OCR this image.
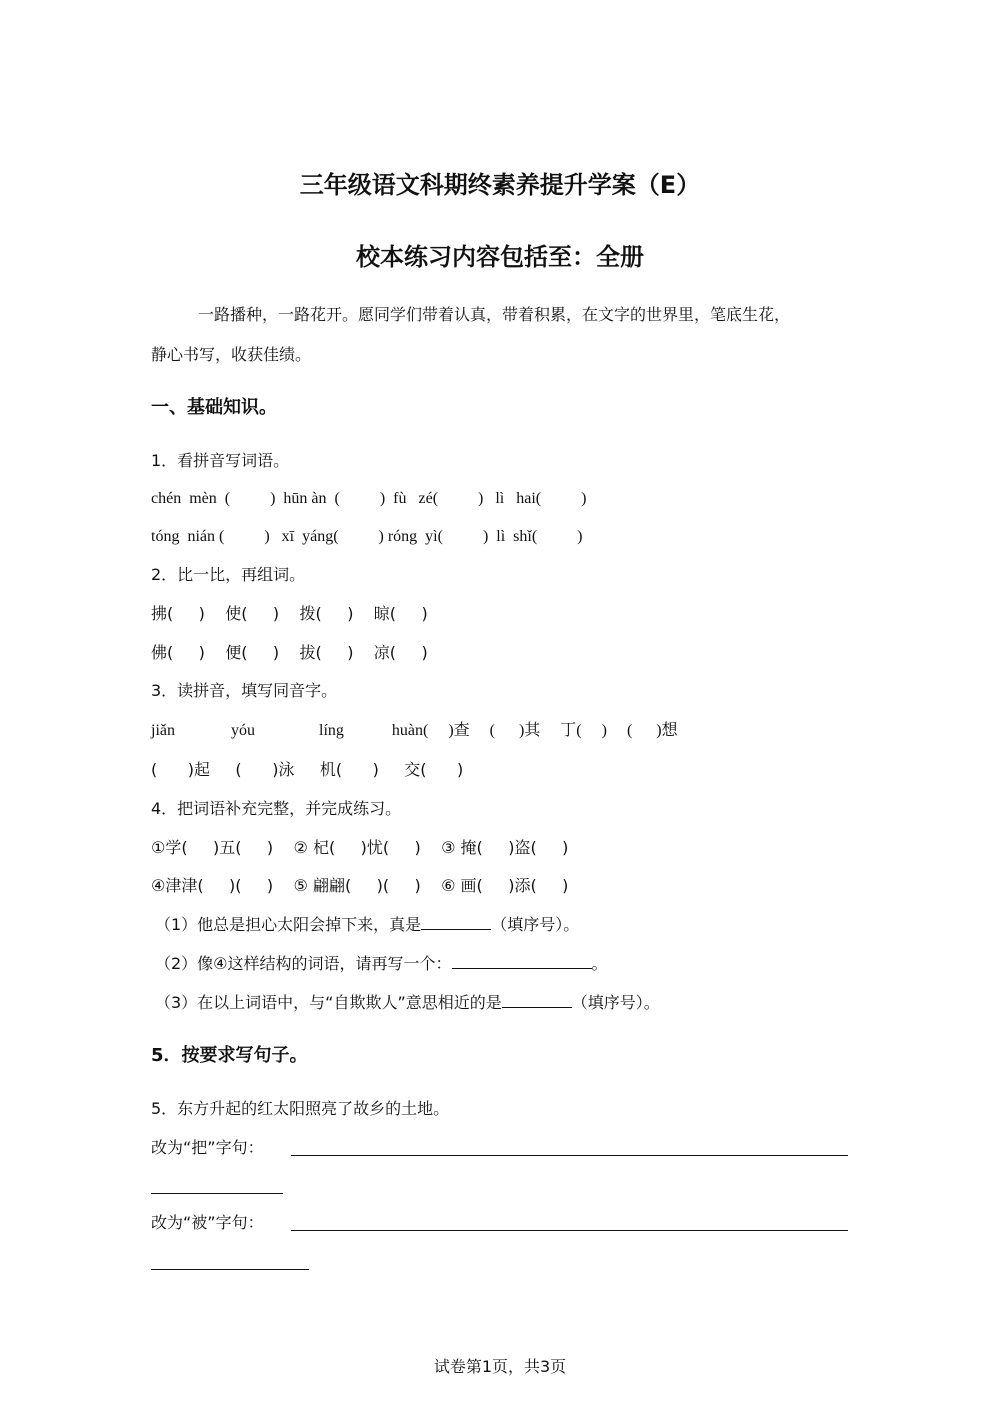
三年级语文科期终素养提升学案（E）
校本练习内容包括至：全册
一路播种，一路花开。愿同学们带着认真，带着积累，在文字的世界里，笔底生花，
静心书写，收获佳绩。
一、基础知识。
1．看拼音写词语。
chén  mèn  (          )  hūn àn  (          )  fù   zé(          )   lì   hai(          )
tóng  nián (          )   xī  yáng(          ) róng  yì(          )  lì  shǐ(          )
2．比一比，再组词。
拂(     )    使(     )    拨(     )    晾(     )
佛(     )    便(     )    拔(     )    凉(     )
3．读拼音，填写同音字。
jiǎn              yóu                líng            huàn(     )查     (      )其     丁(     )     (      )想
(      )起     (      )泳     机(      )     交(      )
4．把词语补充完整，并完成练习。
①学(     )五(     )    ② 杞(     )忧(     )    ③ 掩(     )盗(     )
④津津(     )(     )    ⑤ 翩翩(     )(     )    ⑥ 画(     )添(     )
（1）他总是担心太阳会掉下来，真是	（填序号）。
（2）像④这样结构的词语，请再写一个：	。
（3）在以上词语中，与“自欺欺人”意思相近的是	（填序号）。
5．按要求写句子。
5．东方升起的红太阳照亮了故乡的土地。
改为“把”字句：
改为“被”字句：
试卷第1页，共3页
